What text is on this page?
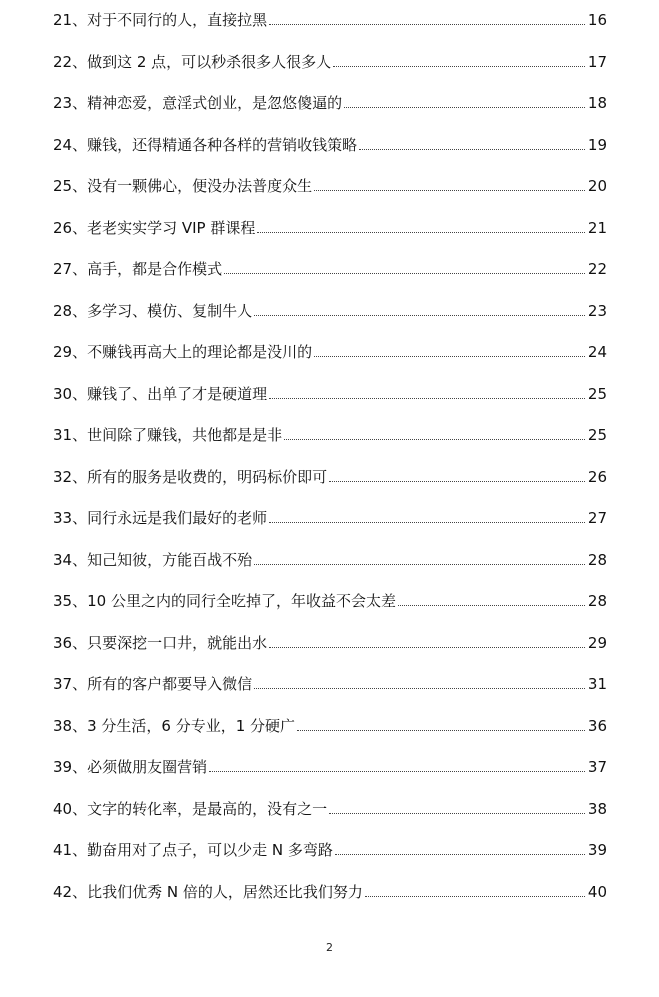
21、 对于不同行的人，直接拉黑	16
22、 做到这 2 点，可以秒杀很多人很多人	17
23、 精神恋爱，意淫式创业，是忽悠傻逼的	18
24、 赚钱，还得精通各种各样的营销收钱策略	19
25、 没有一颗佛心，便没办法普度众生	20
26、 老老实实学习 VIP 群课程	21
27、 高手，都是合作模式	22
28、 多学习、模仿、复制牛人	23
29、 不赚钱再高大上的理论都是没川的	24
30、 赚钱了、出单了才是硬道理	25
31、 世间除了赚钱，共他都是是非	25
32、 所有的服务是收费的，明码标价即可	26
33、 同行永远是我们最好的老师	27
34、 知己知彼，方能百战不殆	28
35、 10 公里之内的同行全吃掉了，年收益不会太差	28
36、 只要深挖一口井，就能出水	29
37、 所有的客户都要导入微信	31
38、 3 分生活，6 分专业，1 分硬广	36
39、 必须做朋友圈营销	37
40、 文字的转化率，是最高的，没有之一	38
41、 勤奋用对了点子，可以少走 N 多弯路	39
42、 比我们优秀 N 倍的人，居然还比我们努力	40
2
